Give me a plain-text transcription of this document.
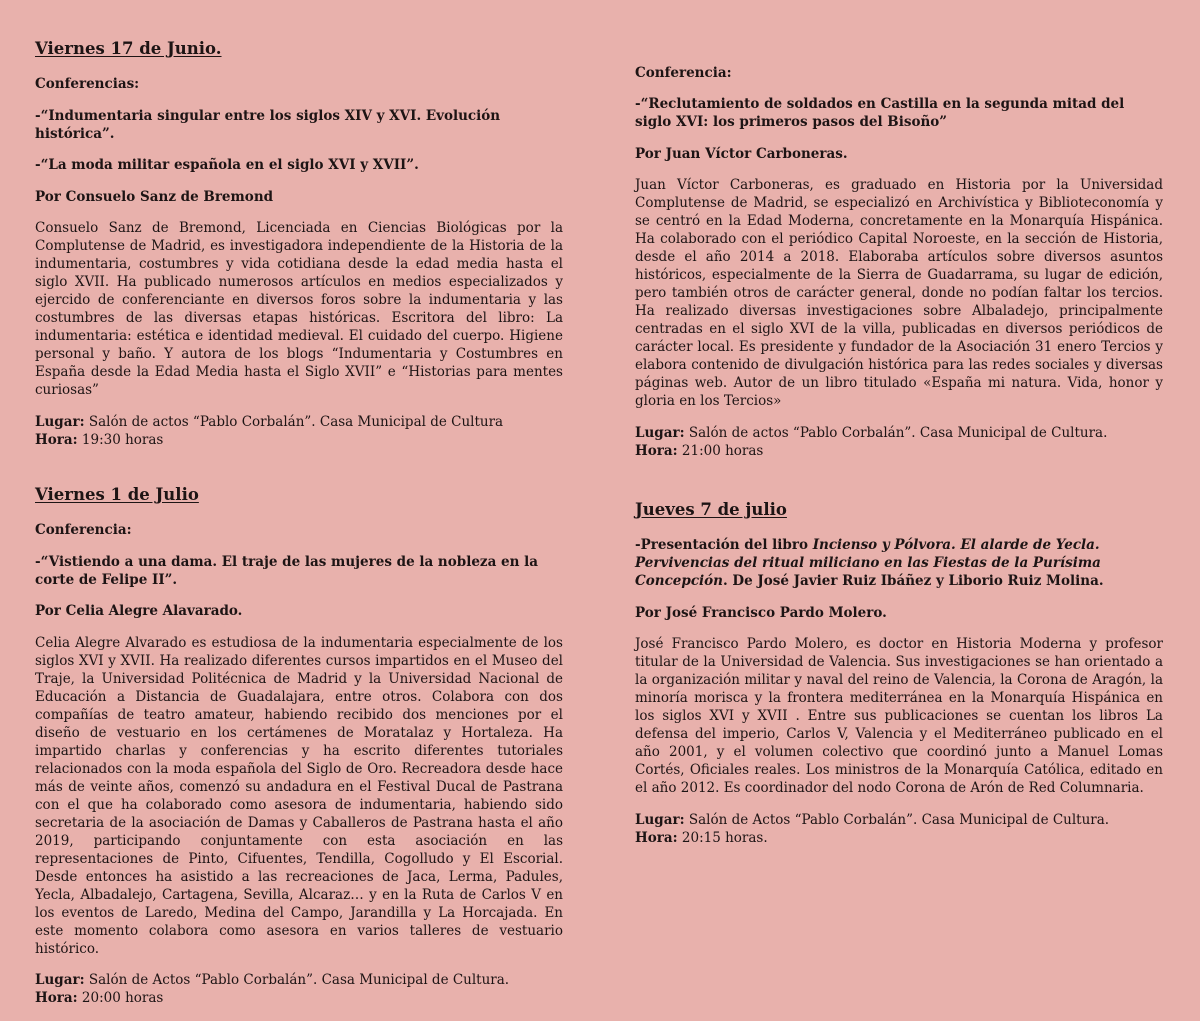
Viernes 17 de Junio.

Conferencias:

-“Indumentaria singular entre los siglos XIV y XVI. Evolución histórica”.

-“La moda militar española en el siglo XVI y XVII”.

Por Consuelo Sanz de Bremond

Consuelo Sanz de Bremond, Licenciada en Ciencias Biológicas por la Complutense de Madrid, es investigadora independiente de la Historia de la indumentaria, costumbres y vida cotidiana desde la edad media hasta el siglo XVII. Ha publicado numerosos artículos en medios especializados y ejercido de conferenciante en diversos foros sobre la indumentaria y las costumbres de las diversas etapas históricas. Escritora del libro: La indumentaria: estética e identidad medieval. El cuidado del cuerpo. Higiene personal y baño. Y autora de los blogs “Indumentaria y Costumbres en España desde la Edad Media hasta el Siglo XVII” e “Historias para mentes curiosas”

Lugar: Salón de actos “Pablo Corbalán”. Casa Municipal de Cultura
Hora: 19:30 horas

Viernes 1 de Julio

Conferencia:

-“Vistiendo a una dama. El traje de las mujeres de la nobleza en la corte de Felipe II”.

Por Celia Alegre Alavarado.

Celia Alegre Alvarado es estudiosa de la indumentaria especialmente de los siglos XVI y XVII. Ha realizado diferentes cursos impartidos en el Museo del Traje, la Universidad Politécnica de Madrid y la Universidad Nacional de Educación a Distancia de Guadalajara, entre otros. Colabora con dos compañías de teatro amateur, habiendo recibido dos menciones por el diseño de vestuario en los certámenes de Moratalaz y Hortaleza. Ha impartido charlas y conferencias y ha escrito diferentes tutoriales relacionados con la moda española del Siglo de Oro. Recreadora desde hace más de veinte años, comenzó su andadura en el Festival Ducal de Pastrana con el que ha colaborado como asesora de indumentaria, habiendo sido secretaria de la asociación de Damas y Caballeros de Pastrana hasta el año 2019, participando conjuntamente con esta asociación en las representaciones de Pinto, Cifuentes, Tendilla, Cogolludo y El Escorial. Desde entonces ha asistido a las recreaciones de Jaca, Lerma, Padules, Yecla, Albadalejo, Cartagena, Sevilla, Alcaraz… y en la Ruta de Carlos V en los eventos de Laredo, Medina del Campo, Jarandilla y La Horcajada. En este momento colabora como asesora en varios talleres de vestuario histórico.

Lugar: Salón de Actos “Pablo Corbalán”. Casa Municipal de Cultura.
Hora: 20:00 horas

Conferencia:

-“Reclutamiento de soldados en Castilla en la segunda mitad del siglo XVI: los primeros pasos del Bisoño”

Por Juan Víctor Carboneras.

Juan Víctor Carboneras, es graduado en Historia por la Universidad Complutense de Madrid, se especializó en Archivística y Biblioteconomía y se centró en la Edad Moderna, concretamente en la Monarquía Hispánica. Ha colaborado con el periódico Capital Noroeste, en la sección de Historia, desde el año 2014 a 2018. Elaboraba artículos sobre diversos asuntos históricos, especialmente de la Sierra de Guadarrama, su lugar de edición, pero también otros de carácter general, donde no podían faltar los tercios. Ha realizado diversas investigaciones sobre Albaladejo, principalmente centradas en el siglo XVI de la villa, publicadas en diversos periódicos de carácter local. Es presidente y fundador de la Asociación 31 enero Tercios y elabora contenido de divulgación histórica para las redes sociales y diversas páginas web. Autor de un libro titulado «España mi natura. Vida, honor y gloria en los Tercios»

Lugar: Salón de actos “Pablo Corbalán”. Casa Municipal de Cultura.
Hora: 21:00 horas

Jueves 7 de julio

-Presentación del libro Incienso y Pólvora. El alarde de Yecla. Pervivencias del ritual miliciano en las Fiestas de la Purísima Concepción. De José Javier Ruiz Ibáñez y Liborio Ruiz Molina.

Por José Francisco Pardo Molero.

José Francisco Pardo Molero, es doctor en Historia Moderna y profesor titular de la Universidad de Valencia. Sus investigaciones se han orientado a la organización militar y naval del reino de Valencia, la Corona de Aragón, la minoría morisca y la frontera mediterránea en la Monarquía Hispánica en los siglos XVI y XVII . Entre sus publicaciones se cuentan los libros La defensa del imperio, Carlos V, Valencia y el Mediterráneo publicado en el año 2001, y el volumen colectivo que coordinó junto a Manuel Lomas Cortés, Oficiales reales. Los ministros de la Monarquía Católica, editado en el año 2012. Es coordinador del nodo Corona de Arón de Red Columnaria.

Lugar: Salón de Actos “Pablo Corbalán”. Casa Municipal de Cultura.
Hora: 20:15 horas.
